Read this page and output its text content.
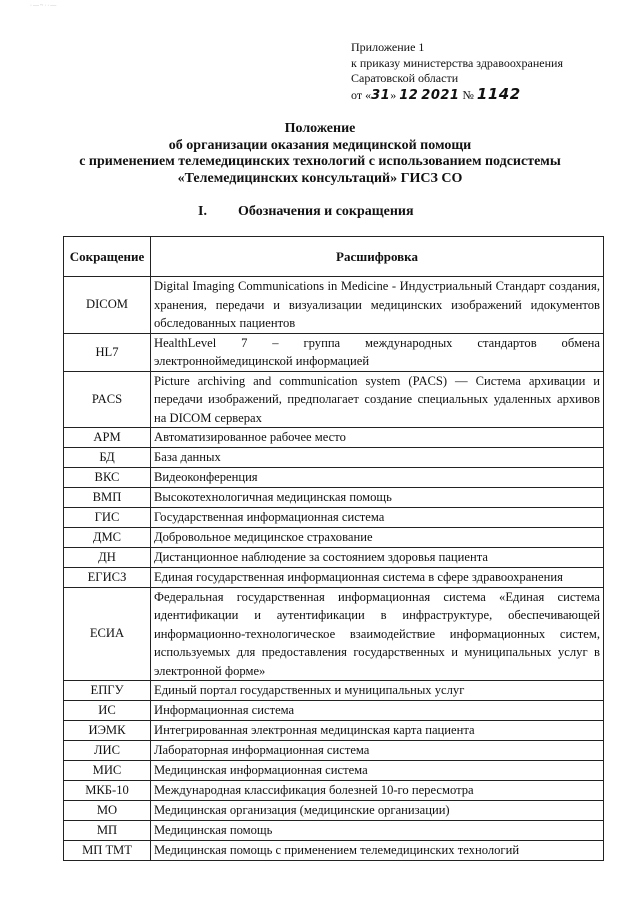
·—~··—
Приложение 1
к приказу министерства здравоохранения
Саратовской области
от «31» 12 2021 № 1142
Положение
об организации оказания медицинской помощи
с применением телемедицинских технологий с использованием подсистемы
«Телемедицинских консультаций» ГИСЗ СО
I. Обозначения и сокращения
Сокращение	Расшифровка
DICOM	Digital Imaging Communications in Medicine - Индустриальный Стандарт создания, хранения, передачи и визуализации медицинских изображений идокументов обследованных пациентов
HL7	HealthLevel 7 – группа международных стандартов обмена электронноймедицинской информацией
PACS	Picture archiving and communication system (PACS) — Система архивации и передачи изображений, предполагает создание специальных удаленных архивов на DICOM серверах
АРМ	Автоматизированное рабочее место
БД	База данных
ВКС	Видеоконференция
ВМП	Высокотехнологичная медицинская помощь
ГИС	Государственная информационная система
ДМС	Добровольное медицинское страхование
ДН	Дистанционное наблюдение за состоянием здоровья пациента
ЕГИСЗ	Единая государственная информационная система в сфере здравоохранения
ЕСИА	Федеральная государственная информационная система «Единая система идентификации и аутентификации в инфраструктуре, обеспечивающей информационно-технологическое взаимодействие информационных систем, используемых для предоставления государственных и муниципальных услуг в электронной форме»
ЕПГУ	Единый портал государственных и муниципальных услуг
ИС	Информационная система
ИЭМК	Интегрированная электронная медицинская карта пациента
ЛИС	Лабораторная информационная система
МИС	Медицинская информационная система
МКБ-10	Международная классификация болезней 10-го пересмотра
МО	Медицинская организация (медицинские организации)
МП	Медицинская помощь
МП ТМТ	Медицинская помощь с применением телемедицинских технологий
